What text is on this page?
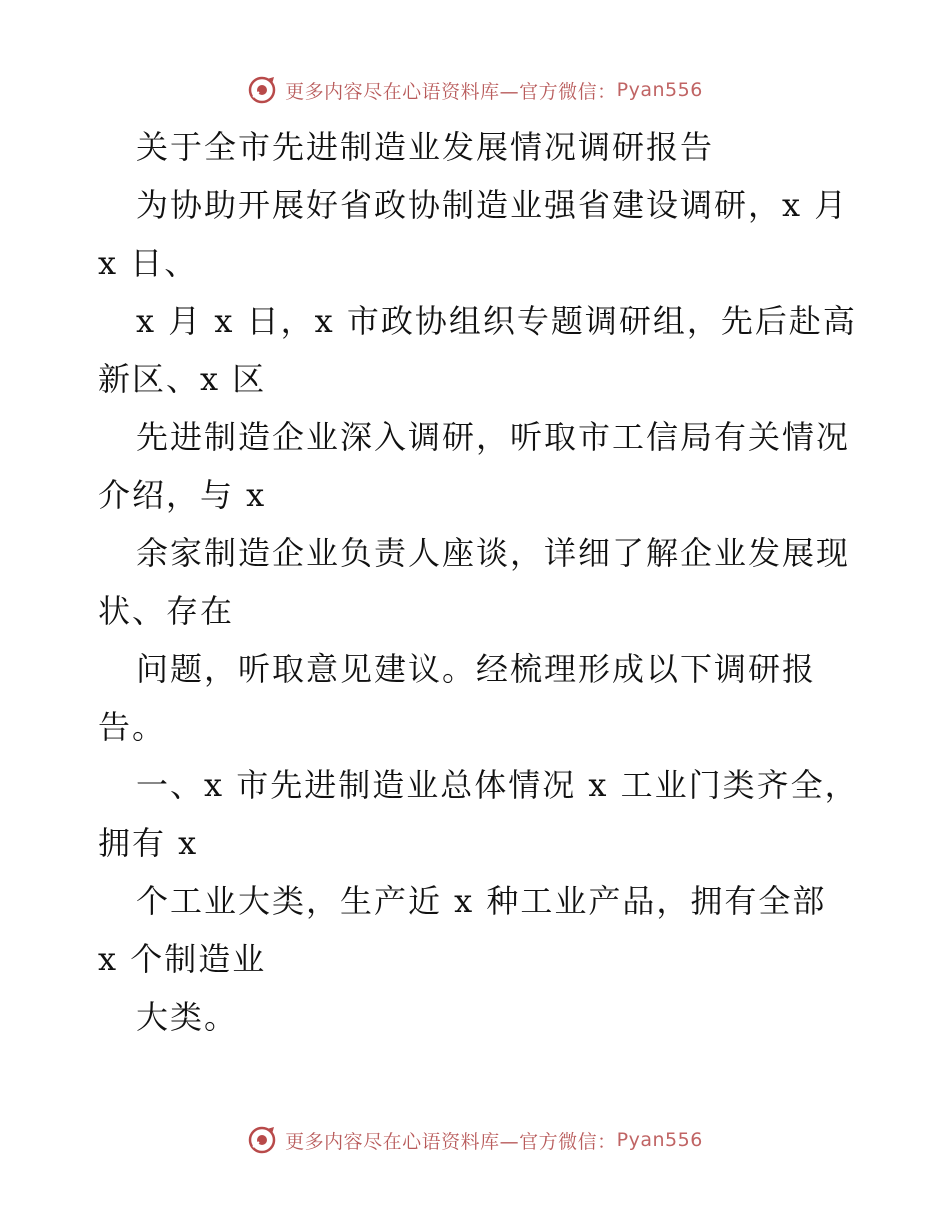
更多内容尽在心语资料库—官方微信： Pyan556
关于全市先进制造业发展情况调研报告
为协助开展好省政协制造业强省建设调研，x 月
x 日、
x 月 x 日，x 市政协组织专题调研组，先后赴高
新区、x 区
先进制造企业深入调研，听取市工信局有关情况
介绍，与 x
余家制造企业负责人座谈，详细了解企业发展现
状、存在
问题，听取意见建议。经梳理形成以下调研报
告。
一、x 市先进制造业总体情况 x 工业门类齐全，
拥有 x
个工业大类，生产近 x 种工业产品，拥有全部
x 个制造业
大类。
更多内容尽在心语资料库—官方微信： Pyan556
